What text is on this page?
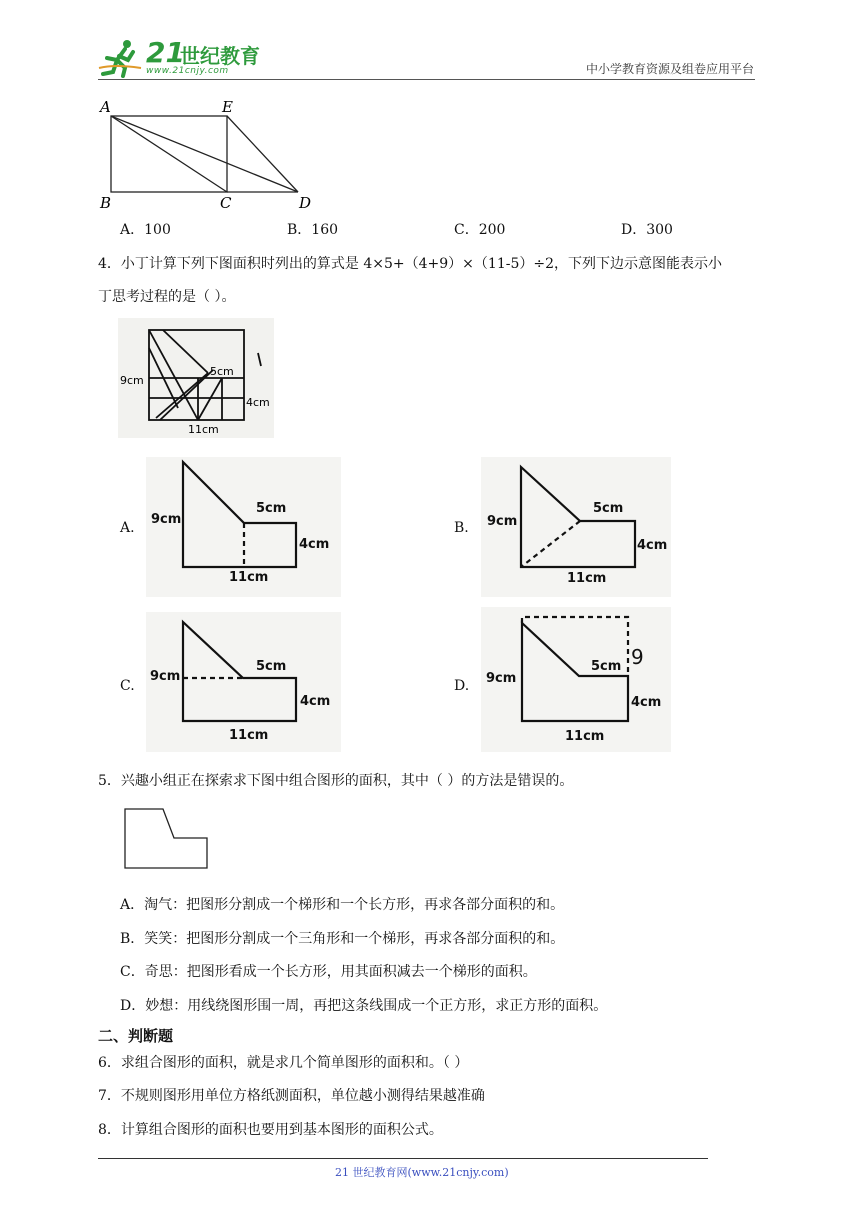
21
世纪教育
www.21cnjy.com	中小学教育资源及组卷应用平台
A	E
B	C	D
A．100	B．160	C．200	D．300
4．小丁计算下列下图面积时列出的算式是 4×5+（4+9）×（11-5）÷2，下列下边示意图能表示小
丁思考过程的是（ ）。
9cm
5cm
4cm
11cm
A.
9cm
5cm
4cm
11cm
B. 9cm
5cm
4cm
11cm
C.
9cm
5cm
4cm
11cm
D. 9cm
5cm
4cm
11cm
9
5．兴趣小组正在探索求下图中组合图形的面积，其中（ ）的方法是错误的。
A．淘气：把图形分割成一个梯形和一个长方形，再求各部分面积的和。
B．笑笑：把图形分割成一个三角形和一个梯形，再求各部分面积的和。
C．奇思：把图形看成一个长方形，用其面积减去一个梯形的面积。
D．妙想：用线绕图形围一周，再把这条线围成一个正方形，求正方形的面积。
二、判断题
6．求组合图形的面积，就是求几个简单图形的面积和。（ ）
7．不规则图形用单位方格纸测面积，单位越小测得结果越准确
8．计算组合图形的面积也要用到基本图形的面积公式。
21 世纪教育网(www.21cnjy.com)
